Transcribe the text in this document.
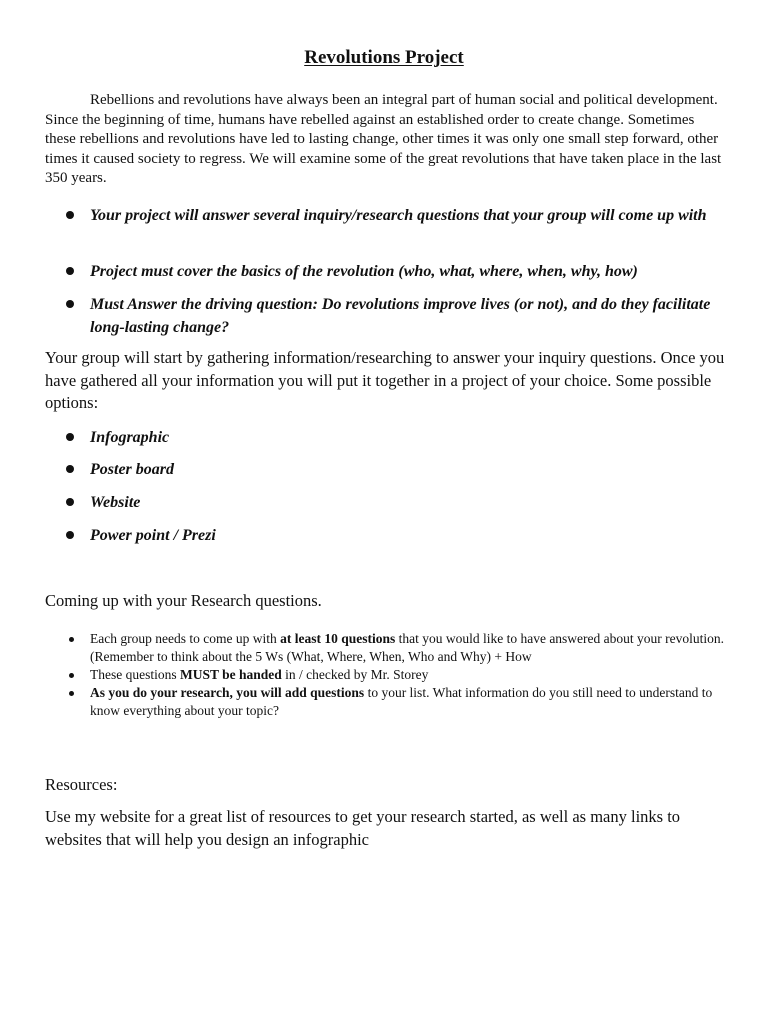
Revolutions Project

Rebellions and revolutions have always been an integral part of human social and political development. Since the beginning of time, humans have rebelled against an established order to create change. Sometimes these rebellions and revolutions have led to lasting change, other times it was only one small step forward, other times it caused society to regress. We will examine some of the great revolutions that have taken place in the last 350 years.

Your project will answer several inquiry/research questions that your group will come up with
Project must cover the basics of the revolution (who, what, where, when, why, how)
Must Answer the driving question: Do revolutions improve lives (or not), and do they facilitate long-lasting change?

Your group will start by gathering information/researching to answer your inquiry questions. Once you have gathered all your information you will put it together in a project of your choice. Some possible options:

Infographic
Poster board
Website
Power point / Prezi

Coming up with your Research questions.

Each group needs to come up with at least 10 questions that you would like to have answered about your revolution. (Remember to think about the 5 Ws (What, Where, When, Who and Why) + How
These questions MUST be handed in / checked by Mr. Storey
As you do your research, you will add questions to your list. What information do you still need to understand to know everything about your topic?

Resources:

Use my website for a great list of resources to get your research started, as well as many links to websites that will help you design an infographic
